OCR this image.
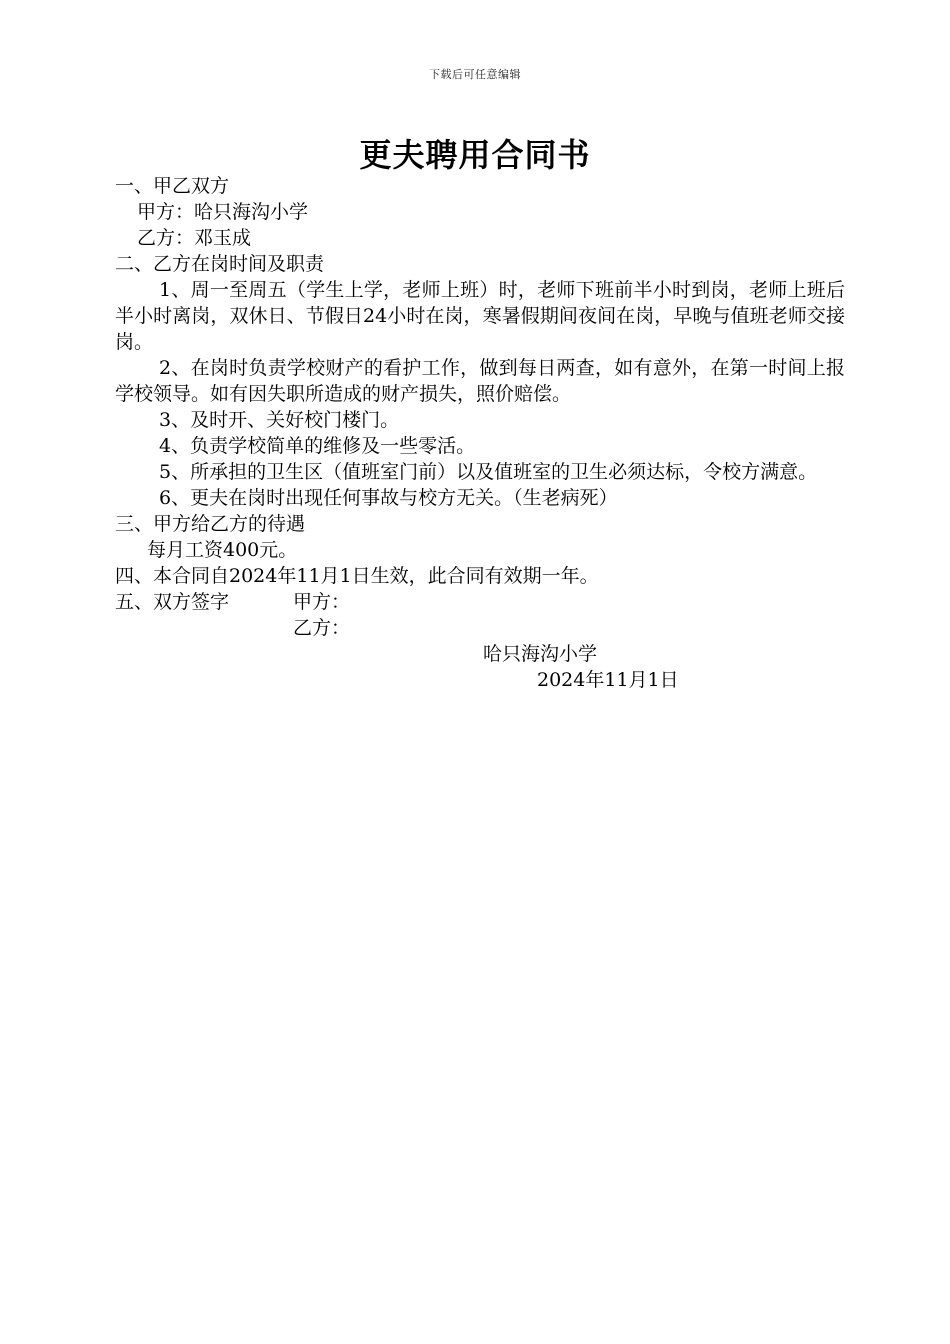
下载后可任意编辑
更夫聘用合同书

一、甲乙双方

甲方：哈只海沟小学

乙方：邓玉成

二、乙方在岗时间及职责

1、周一至周五（学生上学，老师上班）时，老师下班前半小时到岗，老师上班后半小时离岗，双休日、节假日24小时在岗，寒暑假期间夜间在岗，早晚与值班老师交接岗。

2、在岗时负责学校财产的看护工作，做到每日两查，如有意外，在第一时间上报学校领导。如有因失职所造成的财产损失，照价赔偿。

3、及时开、关好校门楼门。

4、负责学校简单的维修及一些零活。

5、所承担的卫生区（值班室门前）以及值班室的卫生必须达标，令校方满意。

6、更夫在岗时出现任何事故与校方无关。（生老病死）

三、甲方给乙方的待遇

每月工资400元。

四、本合同自2024年11月1日生效，此合同有效期一年。

五、双方签字	甲方：

乙方：

哈只海沟小学

2024年11月1日
